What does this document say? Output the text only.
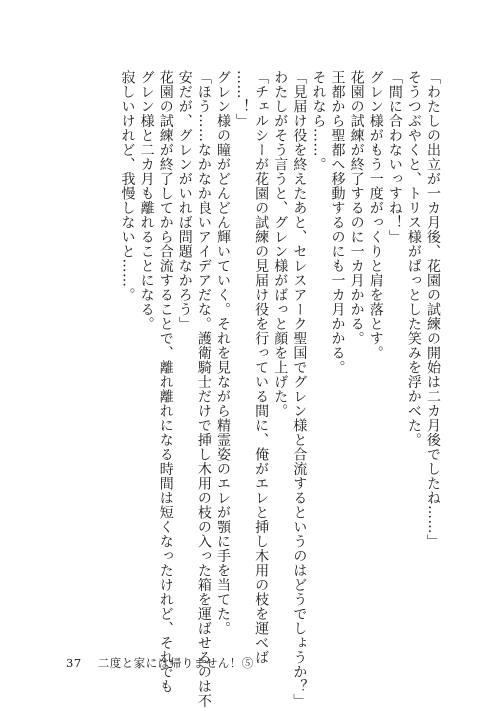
「わたしの出立が一カ月後、花園の試練の開始は二カ月後でしたね……」
そうつぶやくと、トリス様がぱっとした笑みを浮かべた。
「間に合わないっすね！」
グレン様がもう一度がっくりと肩を落とす。
花園の試練が終了するのに一カ月かかる。
王都から聖都へ移動するのにも一カ月かかる。
それなら……。
「見届け役を終えたあと、セレスアーク聖国でグレン様と合流するというのはどうでしょうか？」
わたしがそう言うと、グレン様がばっと顔を上げた。
「チェルシーが花園の試練の見届け役を行っている間に、俺がエレと挿し木用の枝を運べば
……！」
グレン様の瞳がどんどん輝いていく。それを見ながら精霊姿のエレが顎に手を当てた。
「ほう……なかなか良いアイデアだな。護衛騎士だけで挿し木用の枝の入った箱を運ばせるのは不
安だが、グレンがいれば問題なかろう」
花園の試練が終了してから合流することで、離れ離れになる時間は短くなったけれど、それでも
グレン様と二カ月も離れることになる。
寂しいけれど、我慢しないと……。
37 二度と家には帰りません！⑤
